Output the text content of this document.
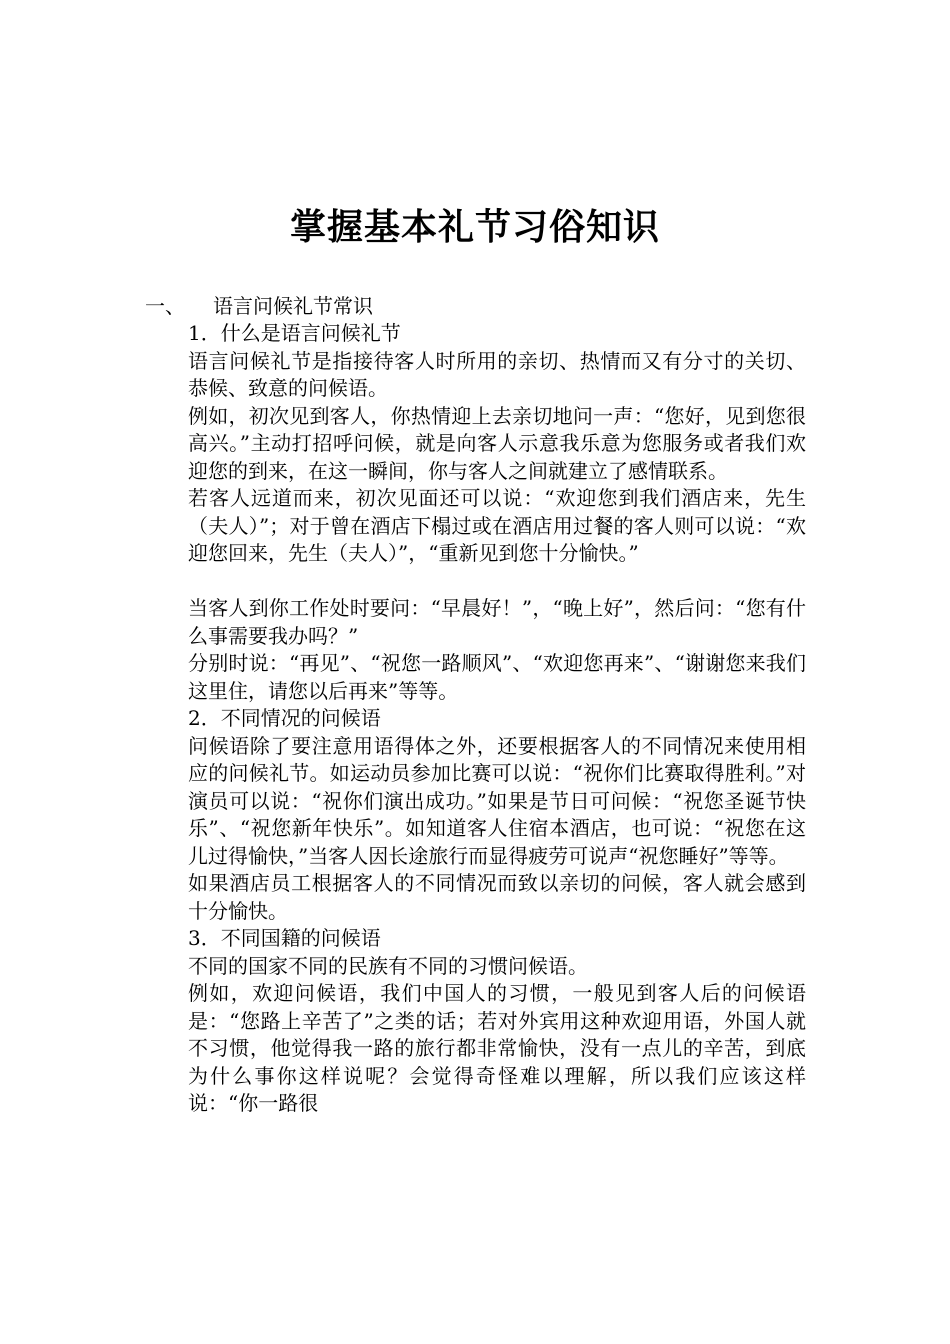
掌握基本礼节习俗知识
一、 语言问候礼节常识

1．什么是语言问候礼节

语言问候礼节是指接待客人时所用的亲切、热情而又有分寸的关切、恭候、致意的问候语。

例如，初次见到客人，你热情迎上去亲切地问一声：“您好，见到您很高兴。”主动打招呼问候，就是向客人示意我乐意为您服务或者我们欢迎您的到来，在这一瞬间，你与客人之间就建立了感情联系。

若客人远道而来，初次见面还可以说：“欢迎您到我们酒店来，先生（夫人）”；对于曾在酒店下榻过或在酒店用过餐的客人则可以说：“欢迎您回来，先生（夫人）”，“重新见到您十分愉快。”

当客人到你工作处时要问：“早晨好！”，“晚上好”，然后问：“您有什么事需要我办吗？”

分别时说：“再见”、“祝您一路顺风”、“欢迎您再来”、“谢谢您来我们这里住，请您以后再来”等等。

2．不同情况的问候语

问候语除了要注意用语得体之外，还要根据客人的不同情况来使用相应的问候礼节。如运动员参加比赛可以说：“祝你们比赛取得胜利。”对演员可以说：“祝你们演出成功。”如果是节日可问候：“祝您圣诞节快乐”、“祝您新年快乐”。如知道客人住宿本酒店，也可说：“祝您在这儿过得愉快，”当客人因长途旅行而显得疲劳可说声“祝您睡好”等等。

如果酒店员工根据客人的不同情况而致以亲切的问候，客人就会感到十分愉快。

3．不同国籍的问候语

不同的国家不同的民族有不同的习惯问候语。

例如，欢迎问候语，我们中国人的习惯，一般见到客人后的问候语是：“您路上辛苦了”之类的话；若对外宾用这种欢迎用语，外国人就不习惯，他觉得我一路的旅行都非常愉快，没有一点儿的辛苦，到底为什么事你这样说呢？会觉得奇怪难以理解，所以我们应该这样说：“你一路很
